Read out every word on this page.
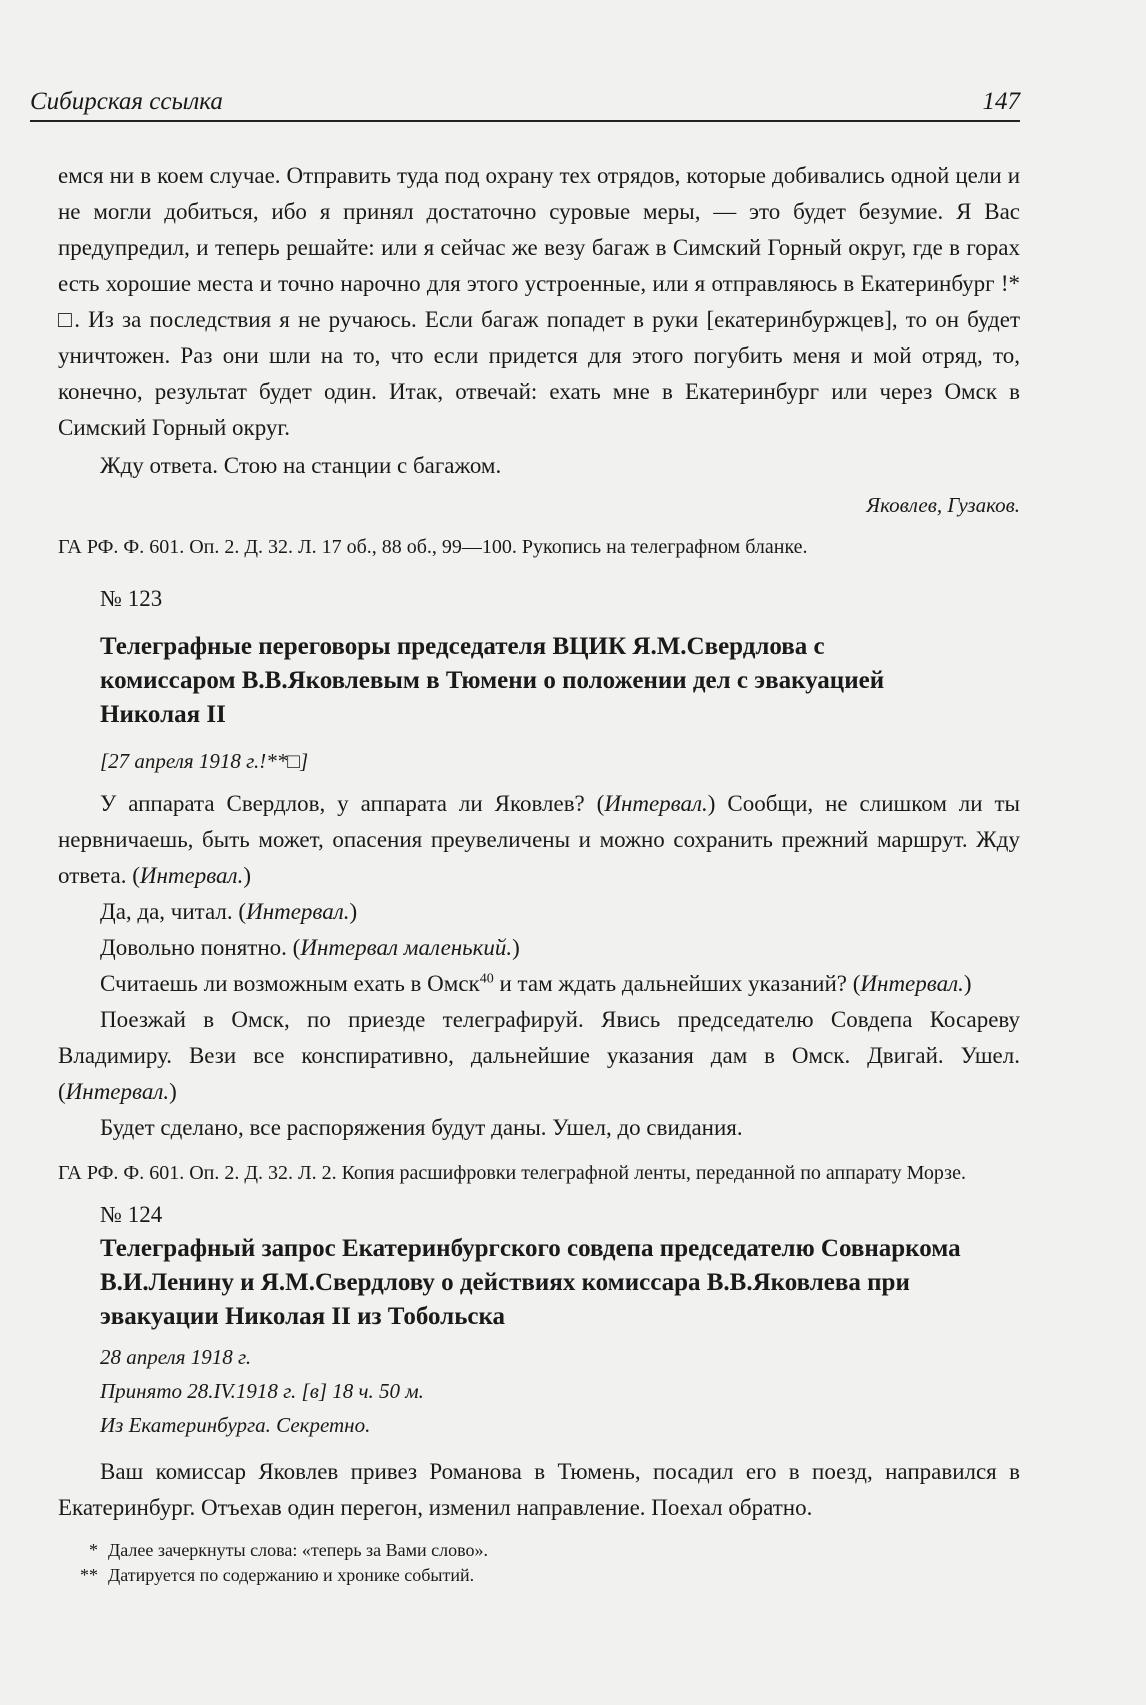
Сибирская ссылка	147

емся ни в коем случае. Отправить туда под охрану тех отрядов, которые добивались одной цели и не могли добиться, ибо я принял достаточно суровые меры, — это будет безумие. Я Вас предупредил, и теперь решайте: или я сейчас же везу багаж в Симский Горный округ, где в горах есть хорошие места и точно нарочно для этого устроенные, или я отправляюсь в Екатеринбург !* □. Из за последствия я не ручаюсь. Если багаж попадет в руки [екатеринбуржцев], то он будет уничтожен. Раз они шли на то, что если придется для этого погубить меня и мой отряд, то, конечно, результат будет один. Итак, отвечай: ехать мне в Екатеринбург или через Омск в Симский Горный округ.

Жду ответа. Стою на станции с багажом.

Яковлев, Гузаков.

ГА РФ. Ф. 601. Оп. 2. Д. 32. Л. 17 об., 88 об., 99—100. Рукопись на телеграфном бланке.

№ 123

Телеграфные переговоры председателя ВЦИК Я.М.Свердлова с комиссаром В.В.Яковлевым в Тюмени о положении дел с эвакуацией Николая II

[27 апреля 1918 г.!**□]

У аппарата Свердлов, у аппарата ли Яковлев? (Интервал.) Сообщи, не слишком ли ты нервничаешь, быть может, опасения преувеличены и можно сохранить прежний маршрут. Жду ответа. (Интервал.)

Да, да, читал. (Интервал.)

Довольно понятно. (Интервал маленький.)

Считаешь ли возможным ехать в Омск$^{40}$ и там ждать дальнейших указаний? (Интервал.)

Поезжай в Омск, по приезде телеграфируй. Явись председателю Совдепа Косареву Владимиру. Вези все конспиративно, дальнейшие указания дам в Омск. Двигай. Ушел. (Интервал.)

Будет сделано, все распоряжения будут даны. Ушел, до свидания.

ГА РФ. Ф. 601. Оп. 2. Д. 32. Л. 2. Копия расшифровки телеграфной ленты, переданной по аппарату Морзе.

№ 124

Телеграфный запрос Екатеринбургского совдепа председателю Совнаркома В.И.Ленину и Я.М.Свердлову о действиях комиссара В.В.Яковлева при эвакуации Николая II из Тобольска

28 апреля 1918 г.

Принято 28.IV.1918 г. [в] 18 ч. 50 м.

Из Екатеринбурга. Секретно.

Ваш комиссар Яковлев привез Романова в Тюмень, посадил его в поезд, направился в Екатеринбург. Отъехав один перегон, изменил направление. Поехал обратно.

* Далее зачеркнуты слова: «теперь за Вами слово».
** Датируется по содержанию и хронике событий.
